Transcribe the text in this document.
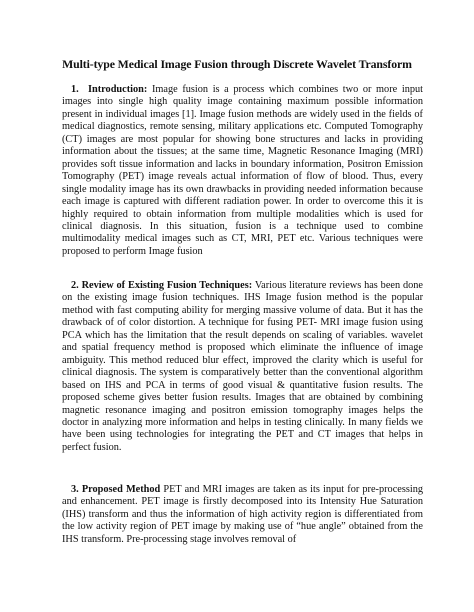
Multi-type Medical Image Fusion through Discrete Wavelet Transform

1. Introduction: Image fusion is a process which combines two or more input images into single high quality image containing maximum possible information present in individual images [1]. Image fusion methods are widely used in the fields of medical diagnostics, remote sensing, military applications etc. Computed Tomography (CT) images are most popular for showing bone structures and lacks in providing information about the tissues; at the same time, Magnetic Resonance Imaging (MRI) provides soft tissue information and lacks in boundary information, Positron Emission Tomography (PET) image reveals actual information of flow of blood. Thus, every single modality image has its own drawbacks in providing needed information because each image is captured with different radiation power. In order to overcome this it is highly required to obtain information from multiple modalities which is used for clinical diagnosis. In this situation, fusion is a technique used to combine multimodality medical images such as CT, MRI, PET etc. Various techniques were proposed to perform Image fusion

2. Review of Existing Fusion Techniques: Various literature reviews has been done on the existing image fusion techniques. IHS Image fusion method is the popular method with fast computing ability for merging massive volume of data. But it has the drawback of of color distortion. A technique for fusing PET- MRI image fusion using PCA which has the limitation that the result depends on scaling of variables. wavelet and spatial frequency method is proposed which eliminate the influence of image ambiguity. This method reduced blur effect, improved the clarity which is useful for clinical diagnosis. The system is comparatively better than the conventional algorithm based on IHS and PCA in terms of good visual & quantitative fusion results. The proposed scheme gives better fusion results. Images that are obtained by combining magnetic resonance imaging and positron emission tomography images helps the doctor in analyzing more information and helps in testing clinically. In many fields we have been using technologies for integrating the PET and CT images that helps in perfect fusion.

3. Proposed Method PET and MRI images are taken as its input for pre-processing and enhancement. PET image is firstly decomposed into its Intensity Hue Saturation (IHS) transform and thus the information of high activity region is differentiated from the low activity region of PET image by making use of “hue angle” obtained from the IHS transform. Pre-processing stage involves removal of
